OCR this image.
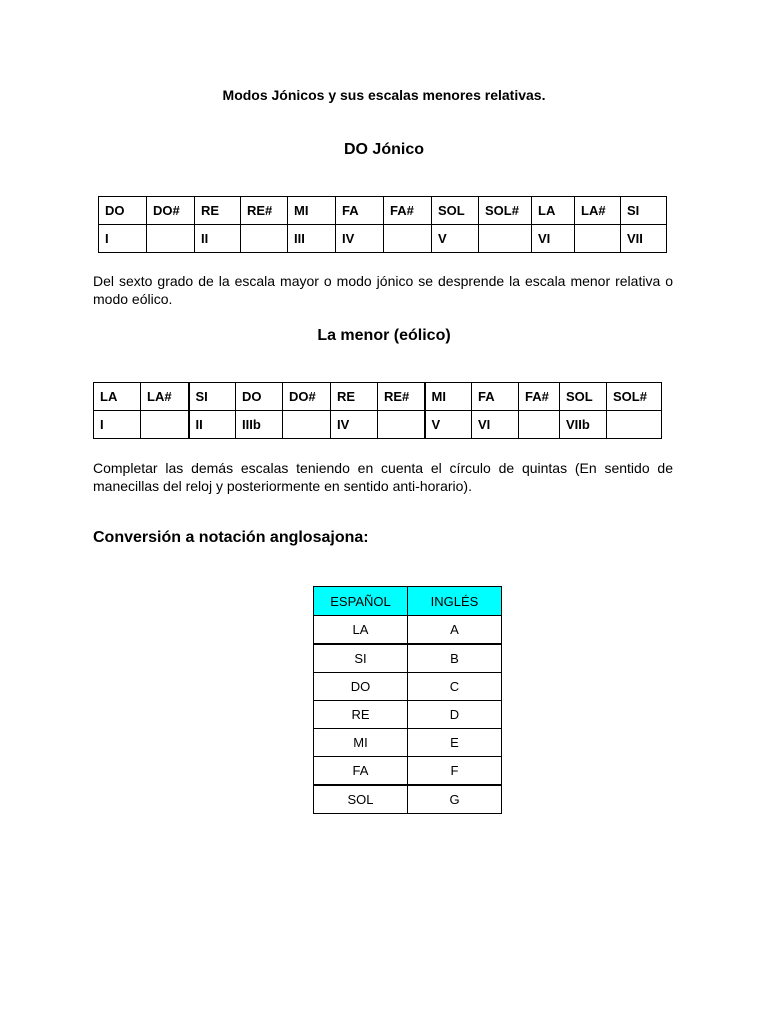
Modos Jónicos y sus escalas menores relativas.
DO Jónico
DO	DO#	RE	RE#	MI	FA	FA#	SOL	SOL#	LA	LA#	SI
I		II		III	IV		V		VI		VII
Del sexto grado de la escala mayor o modo jónico se desprende la escala menor relativa o modo eólico.
La menor (eólico)
LA	LA#	SI	DO	DO#	RE	RE#	MI	FA	FA#	SOL	SOL#
I		II	IIIb		IV		V	VI		VIIb	
Completar las demás escalas teniendo en cuenta el círculo de quintas (En sentido de manecillas del reloj y posteriormente en sentido anti-horario).
Conversión a notación anglosajona:
ESPAÑOL	INGLÉS
LA	A
SI	B
DO	C
RE	D
MI	E
FA	F
SOL	G
